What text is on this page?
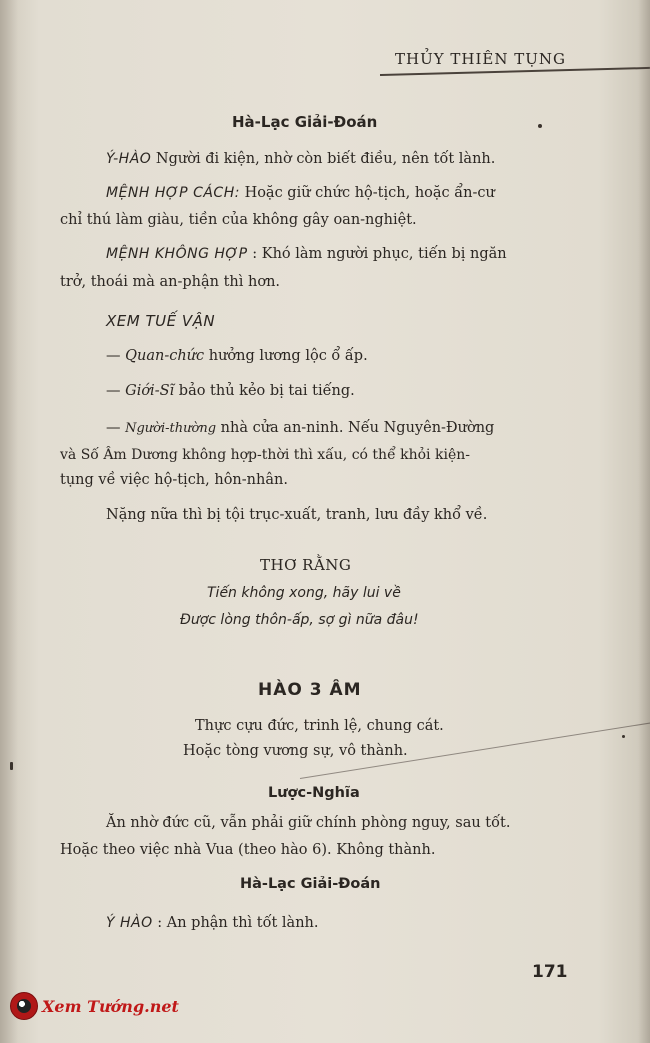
THỦY THIÊN TỤNG
Hà-Lạc Giải-Đoán
Ý-HÀO Người đi kiện, nhờ còn biết điều, nên tốt lành.
MỆNH HỢP CÁCH: Hoặc giữ chức hộ-tịch, hoặc ẩn-cư
chỉ thú làm giàu, tiền của không gây oan-nghiệt.
MỆNH KHÔNG HỢP : Khó làm người phục, tiến bị ngăn
trở, thoái mà an-phận thì hơn.
XEM TUẾ VẬN
— Quan-chức hưởng lương lộc ổ ấp.
— Giới-Sĩ bảo thủ kẻo bị tai tiếng.
— Người-thường nhà cửa an-ninh. Nếu Nguyên-Đường
và Số Âm Dương không hợp-thời thì xấu, có thể khỏi kiện-
tụng về việc hộ-tịch, hôn-nhân.
Nặng nữa thì bị tội trục-xuất, tranh, lưu đầy khổ về.
THƠ RẰNG
Tiến không xong, hãy lui về
Được lòng thôn-ấp, sợ gì nữa đâu!
HÀO 3 ÂM
Thực cựu đức, trinh lệ, chung cát.
Hoặc tòng vương sự, vô thành.
Lược-Nghĩa
Ăn nhờ đức cũ, vẫn phải giữ chính phòng nguy, sau tốt.
Hoặc theo việc nhà Vua (theo hào 6). Không thành.
Hà-Lạc Giải-Đoán
Ý HÀO : An phận thì tốt lành.
171
Xem Tướng.net
